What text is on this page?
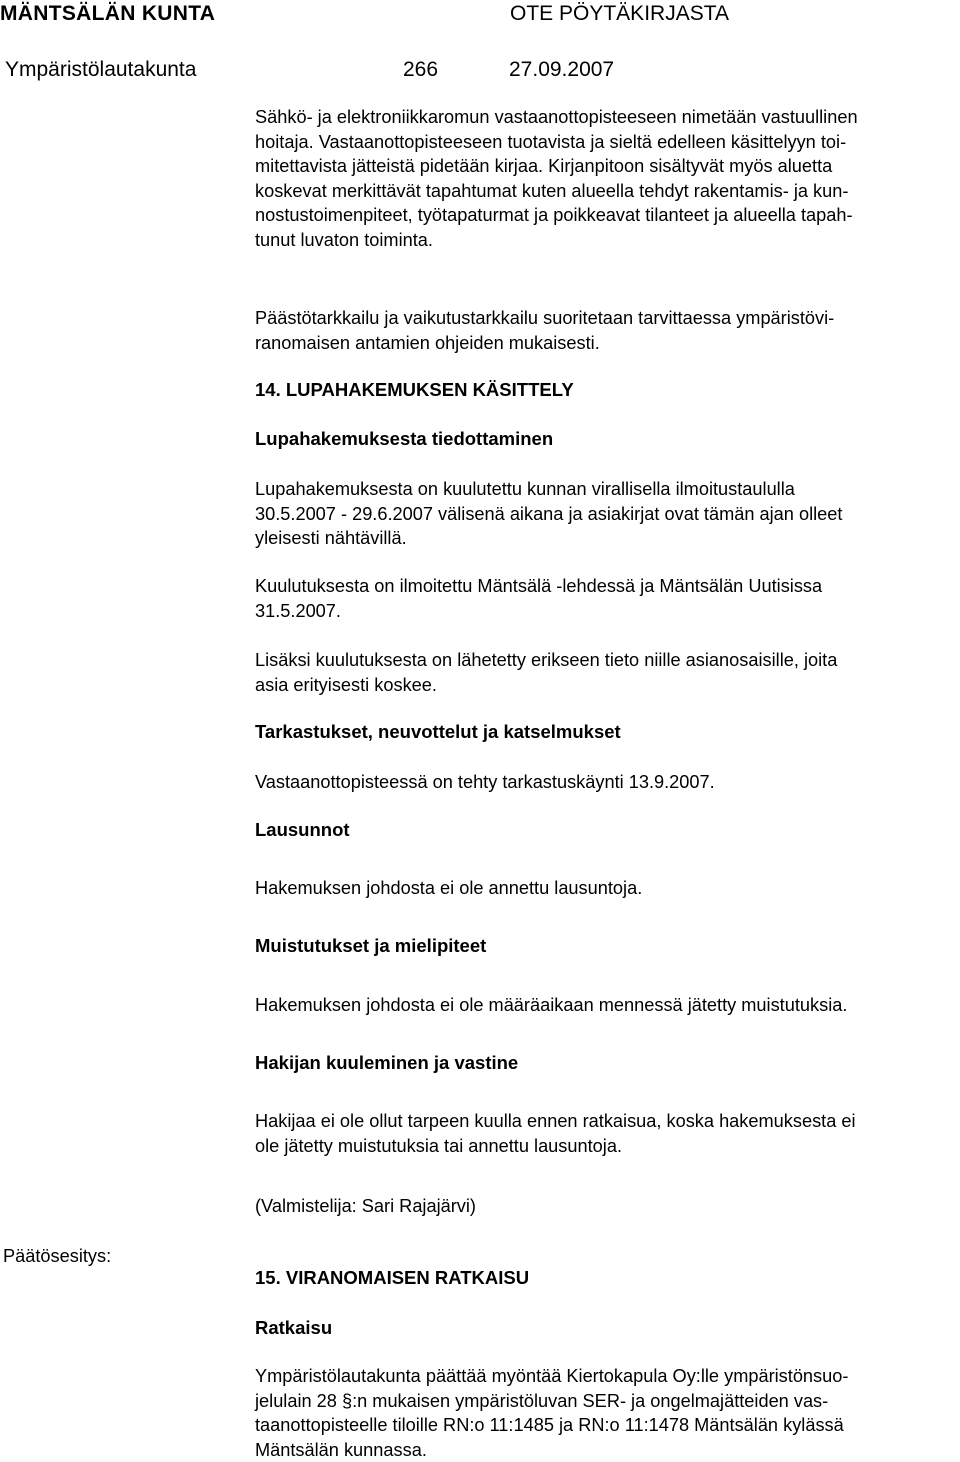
MÄNTSÄLÄN KUNTA	OTE PÖYTÄKIRJASTA
Ympäristölautakunta	266	27.09.2007
Sähkö- ja elektroniikkaromun vastaanottopisteeseen nimetään vastuullinen
hoitaja. Vastaanottopisteeseen tuotavista ja sieltä edelleen käsittelyyn toi-
mitettavista jätteistä pidetään kirjaa. Kirjanpitoon sisältyvät myös aluetta
koskevat merkittävät tapahtumat kuten alueella tehdyt rakentamis- ja kun-
nostustoimenpiteet, työtapaturmat ja poikkeavat tilanteet ja alueella tapah-
tunut luvaton toiminta.
Päästötarkkailu ja vaikutustarkkailu suoritetaan tarvittaessa ympäristövi-
ranomaisen antamien ohjeiden mukaisesti.
14. LUPAHAKEMUKSEN KÄSITTELY
Lupahakemuksesta tiedottaminen
Lupahakemuksesta on kuulutettu kunnan virallisella ilmoitustaululla
30.5.2007 - 29.6.2007 välisenä aikana ja asiakirjat ovat tämän ajan olleet
yleisesti nähtävillä.
Kuulutuksesta on ilmoitettu Mäntsälä -lehdessä ja Mäntsälän Uutisissa
31.5.2007.
Lisäksi kuulutuksesta on lähetetty erikseen tieto niille asianosaisille, joita
asia erityisesti koskee.
Tarkastukset, neuvottelut ja katselmukset
Vastaanottopisteessä on tehty tarkastuskäynti 13.9.2007.
Lausunnot
Hakemuksen johdosta ei ole annettu lausuntoja.
Muistutukset ja mielipiteet
Hakemuksen johdosta ei ole määräaikaan mennessä jätetty muistutuksia.
Hakijan kuuleminen ja vastine
Hakijaa ei ole ollut tarpeen kuulla ennen ratkaisua, koska hakemuksesta ei
ole jätetty muistutuksia tai annettu lausuntoja.
(Valmistelija: Sari Rajajärvi)
Päätösesitys:
15. VIRANOMAISEN RATKAISU
Ratkaisu
Ympäristölautakunta päättää myöntää Kiertokapula Oy:lle ympäristönsuo-
jelulain 28 §:n mukaisen ympäristöluvan SER- ja ongelmajätteiden vas-
taanottopisteelle tiloille RN:o 11:1485 ja RN:o 11:1478 Mäntsälän kylässä
Mäntsälän kunnassa.
